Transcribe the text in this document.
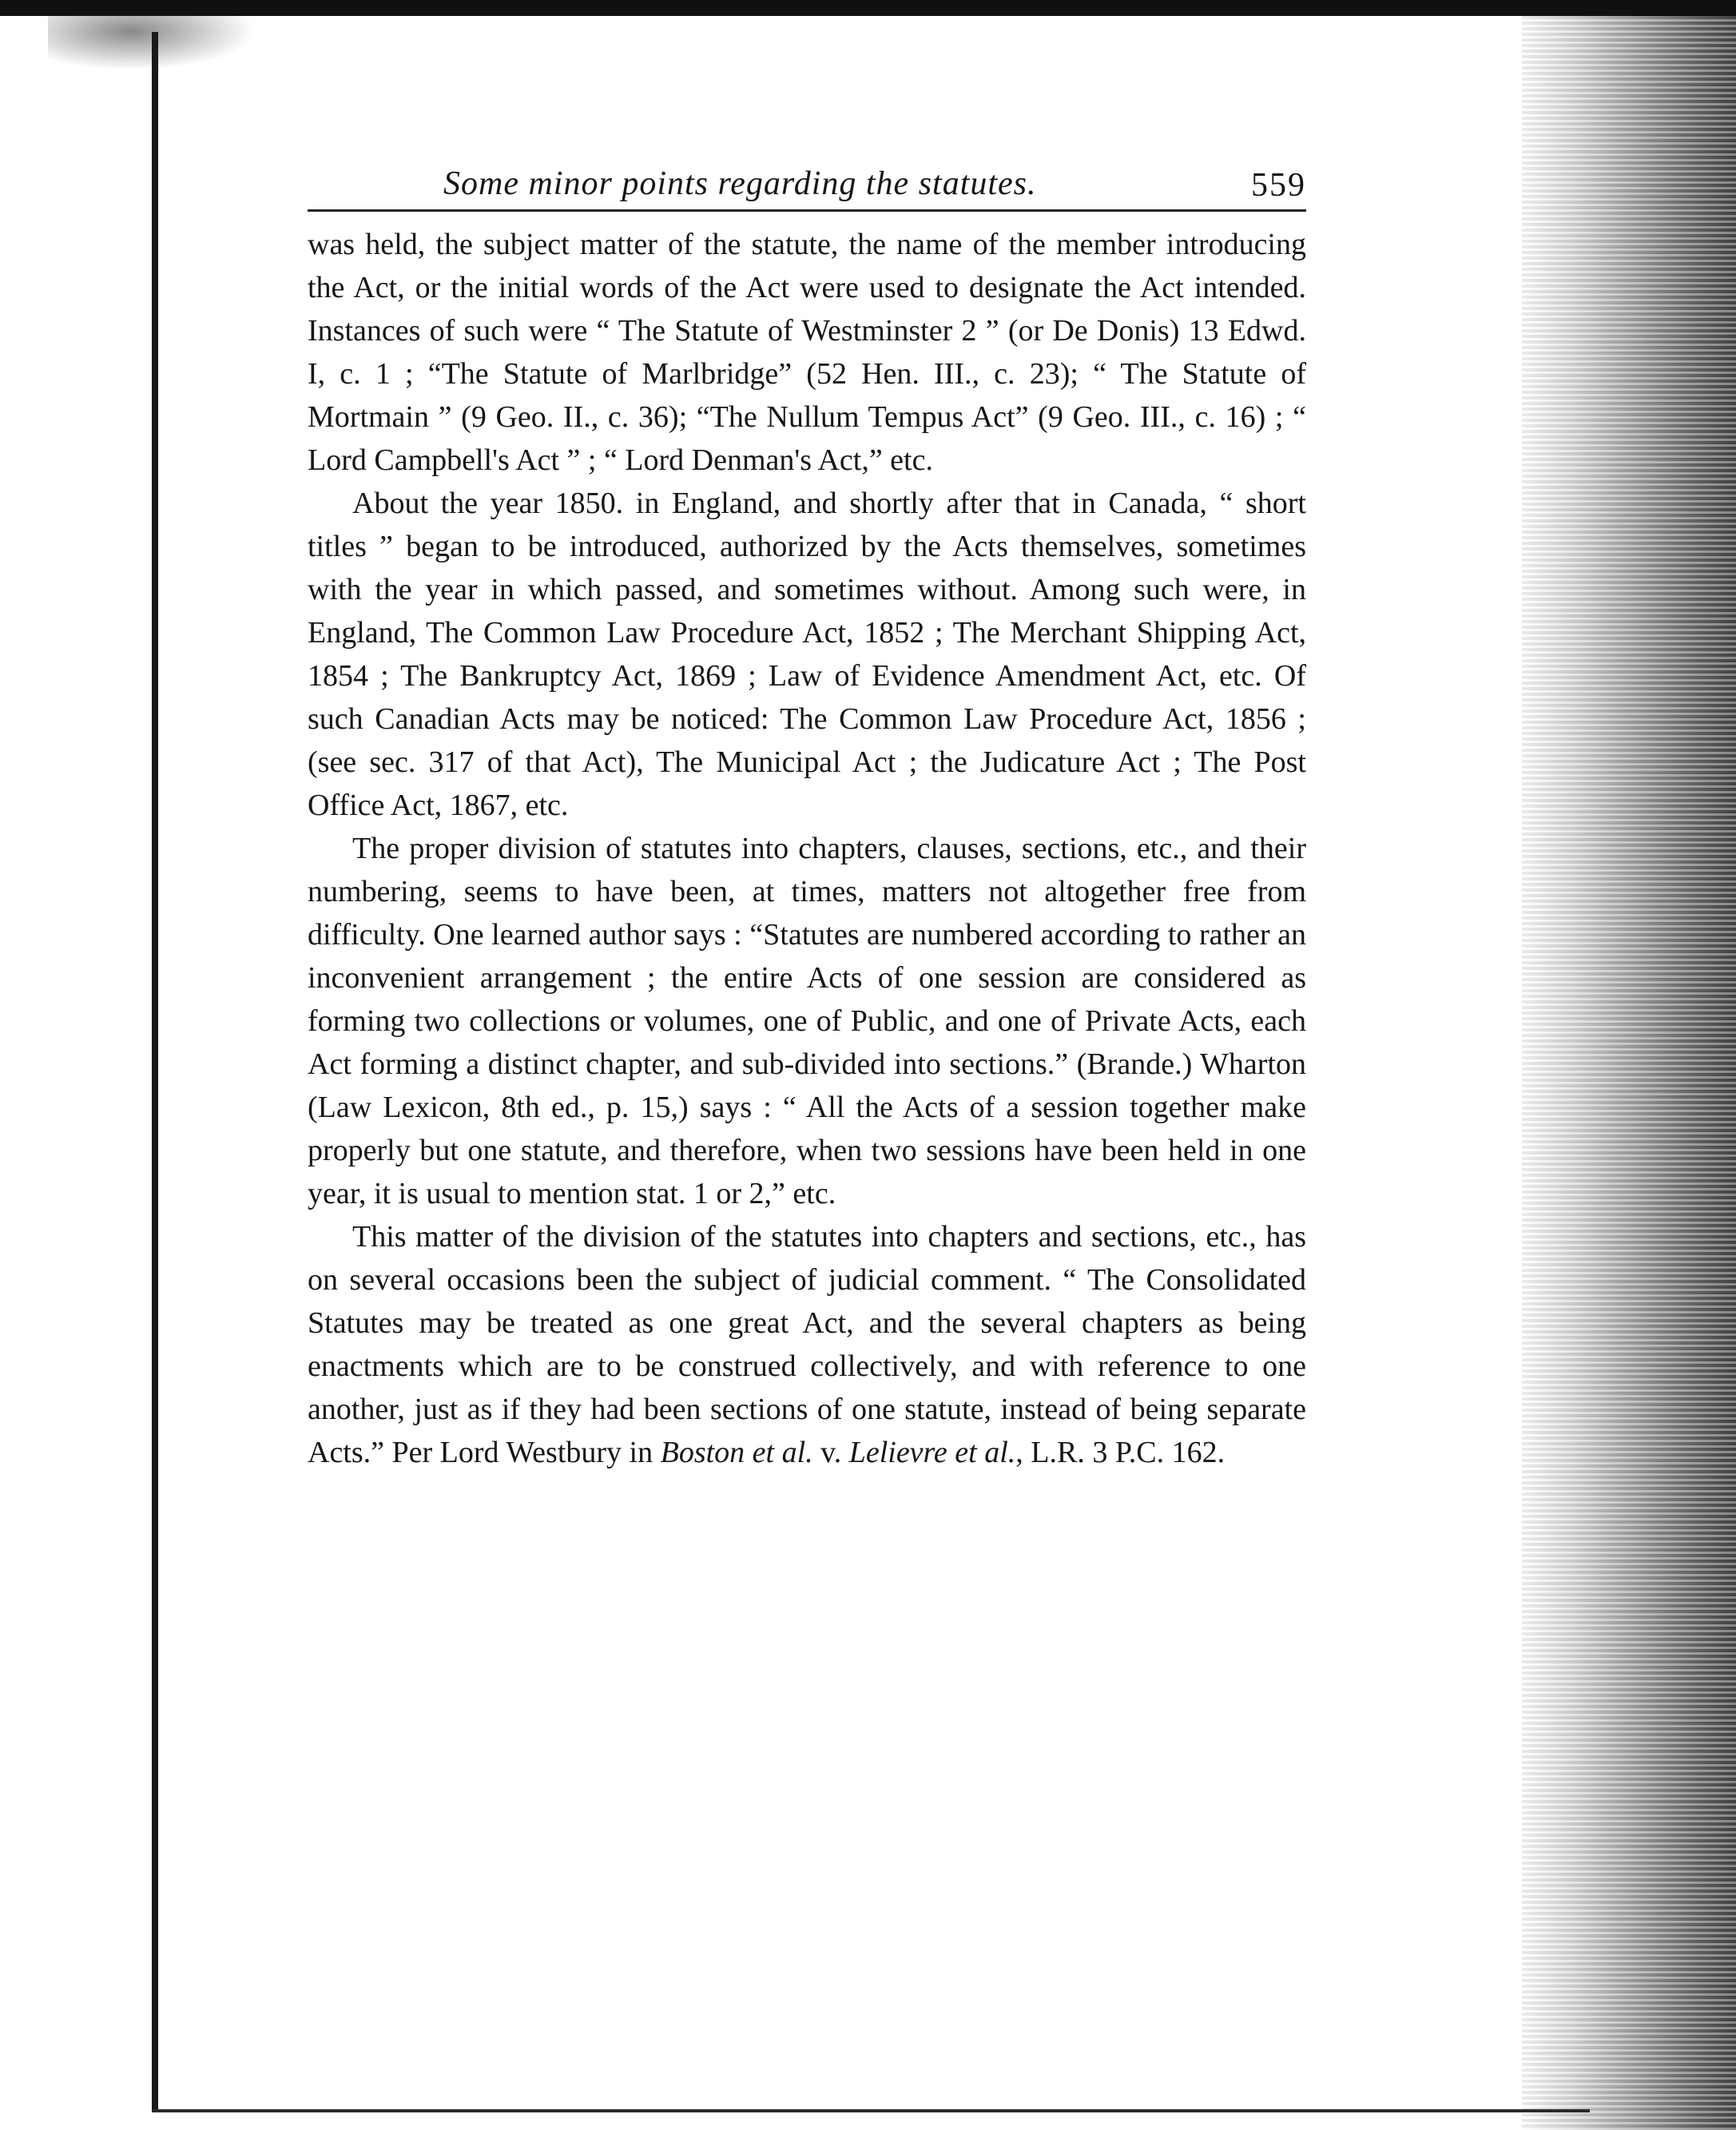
Some minor points regarding the statutes.	559

was held, the subject matter of the statute, the name of the member introducing the Act, or the initial words of the Act were used to designate the Act intended. Instances of such were “ The Statute of Westminster 2 ” (or De Donis) 13 Edwd. I, c. 1 ; “The Statute of Marlbridge” (52 Hen. III., c. 23); “ The Statute of Mortmain ” (9 Geo. II., c. 36); “The Nullum Tempus Act” (9 Geo. III., c. 16) ; “ Lord Campbell's Act ” ; “ Lord Denman's Act,” etc.

About the year 1850. in England, and shortly after that in Canada, “ short titles ” began to be introduced, authorized by the Acts themselves, sometimes with the year in which passed, and sometimes without. Among such were, in England, The Common Law Procedure Act, 1852 ; The Merchant Shipping Act, 1854 ; The Bankruptcy Act, 1869 ; Law of Evidence Amendment Act, etc. Of such Canadian Acts may be noticed: The Common Law Procedure Act, 1856 ; (see sec. 317 of that Act), The Municipal Act ; the Judicature Act ; The Post Office Act, 1867, etc.

The proper division of statutes into chapters, clauses, sections, etc., and their numbering, seems to have been, at times, matters not altogether free from difficulty. One learned author says : “Statutes are numbered according to rather an inconvenient arrangement ; the entire Acts of one session are considered as forming two collections or volumes, one of Public, and one of Private Acts, each Act forming a distinct chapter, and sub-divided into sections.” (Brande.) Wharton (Law Lexicon, 8th ed., p. 15,) says : “ All the Acts of a session together make properly but one statute, and therefore, when two sessions have been held in one year, it is usual to mention stat. 1 or 2,” etc.

This matter of the division of the statutes into chapters and sections, etc., has on several occasions been the subject of judicial comment. “ The Consolidated Statutes may be treated as one great Act, and the several chapters as being enactments which are to be construed collectively, and with reference to one another, just as if they had been sections of one statute, instead of being separate Acts.” Per Lord Westbury in Boston et al. v. Lelievre et al., L.R. 3 P.C. 162.
